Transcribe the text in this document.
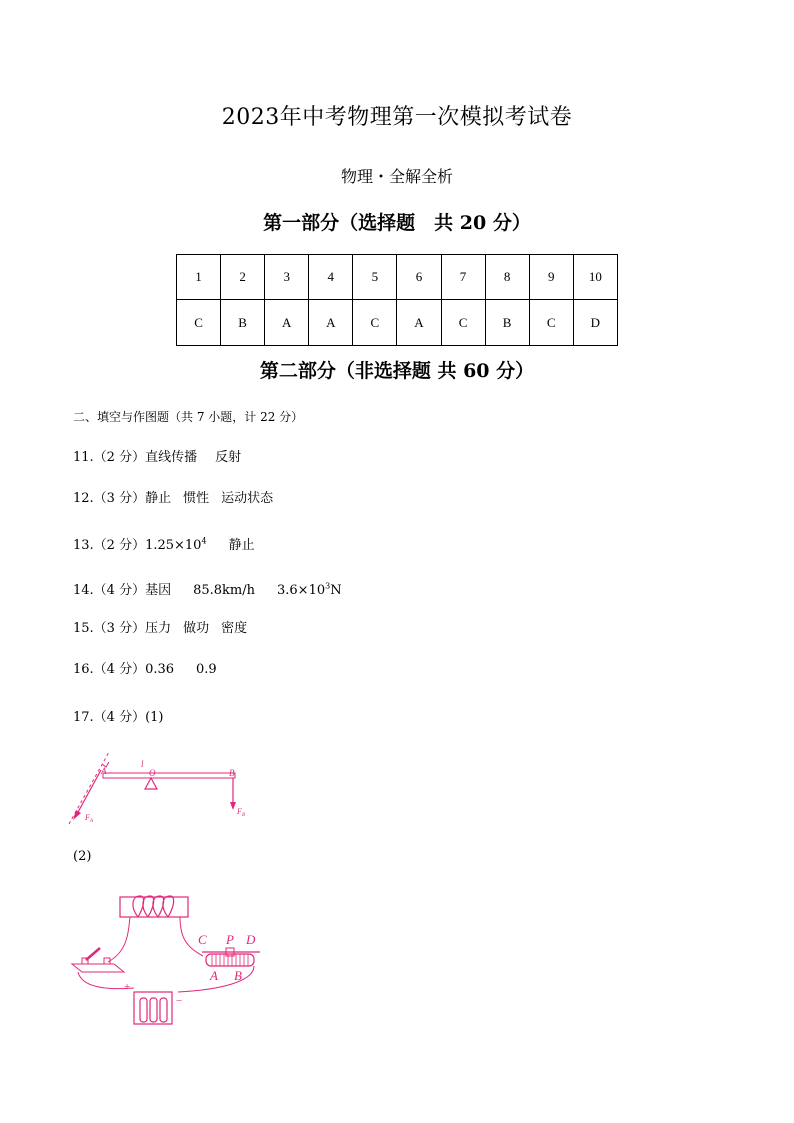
2023年中考物理第一次模拟考试卷
物理・全解全析
第一部分（选择题　共 20 分）
1	2	3	4	5	6	7	8	9	10
C	B	A	A	C	A	C	B	C	D
第二部分（非选择题 共 60 分）
二、填空与作图题（共 7 小题，计 22 分）
11.（2 分）直线传播 反射
12.（3 分）静止 惯性 运动状态
13.（2 分）$1.25\times 10^4$ 静止
14.（4 分）基因 85.8km/h $3.6\times 10^3N$
15.（3 分）压力 做功 密度
16.（4 分）0.36 0.9
17.（4 分）(1)
A
l
O	B
F A
F B
(2)
C P D
A B
+
−
